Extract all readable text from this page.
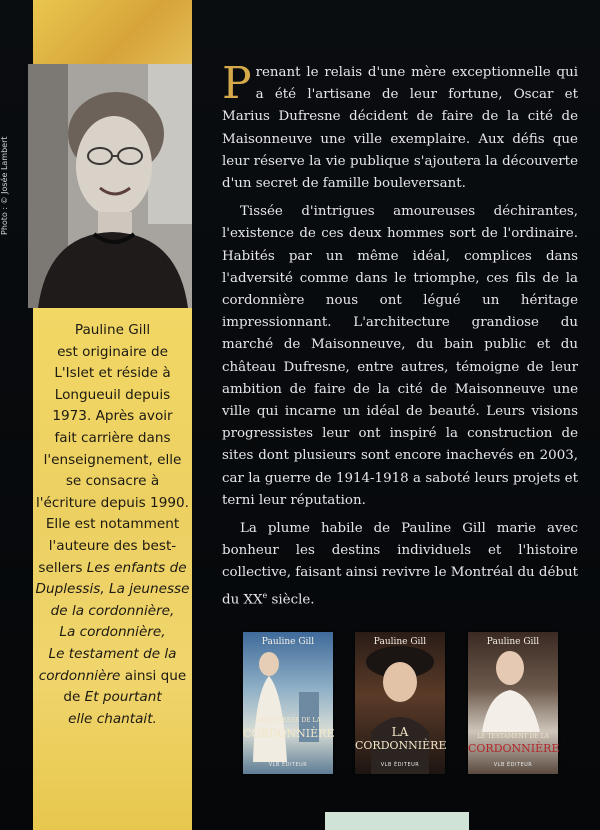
Photo : © Josée Lambert
Pauline Gill
est originaire de
L'Islet et réside à
Longueuil depuis
1973. Après avoir
fait carrière dans
l'enseignement, elle
se consacre à
l'écriture depuis 1990.
Elle est notamment
l'auteure des best-
sellers Les enfants de
Duplessis, La jeunesse
de la cordonnière,
La cordonnière,
Le testament de la
cordonnière ainsi que
de Et pourtant
elle chantait.

Prenant le relais d'une mère exceptionnelle qui a été l'artisane de leur fortune, Oscar et Marius Dufresne décident de faire de la cité de Maisonneuve une ville exemplaire. Aux défis que leur réserve la vie publique s'ajoutera la découverte d'un secret de famille bouleversant.

Tissée d'intrigues amoureuses déchirantes, l'existence de ces deux hommes sort de l'ordinaire. Habités par un même idéal, complices dans l'adversité comme dans le triomphe, ces fils de la cordonnière nous ont légué un héritage impressionnant. L'architecture grandiose du marché de Maisonneuve, du bain public et du château Dufresne, entre autres, témoigne de leur ambition de faire de la cité de Maisonneuve une ville qui incarne un idéal de beauté. Leurs visions progressistes leur ont inspiré la construction de sites dont plusieurs sont encore inachevés en 2003, car la guerre de 1914-1918 a saboté leurs projets et terni leur réputation.

La plume habile de Pauline Gill marie avec bonheur les destins individuels et l'histoire collective, faisant ainsi revivre le Montréal du début du XXe siècle.

Pauline Gill
LA JEUNESSE DE LA
CORDONNIÈRE
VLB ÉDITEUR
Pauline Gill
LA
CORDONNIÈRE
VLB ÉDITEUR
Pauline Gill
LE TESTAMENT DE LA
CORDONNIÈRE
VLB ÉDITEUR
